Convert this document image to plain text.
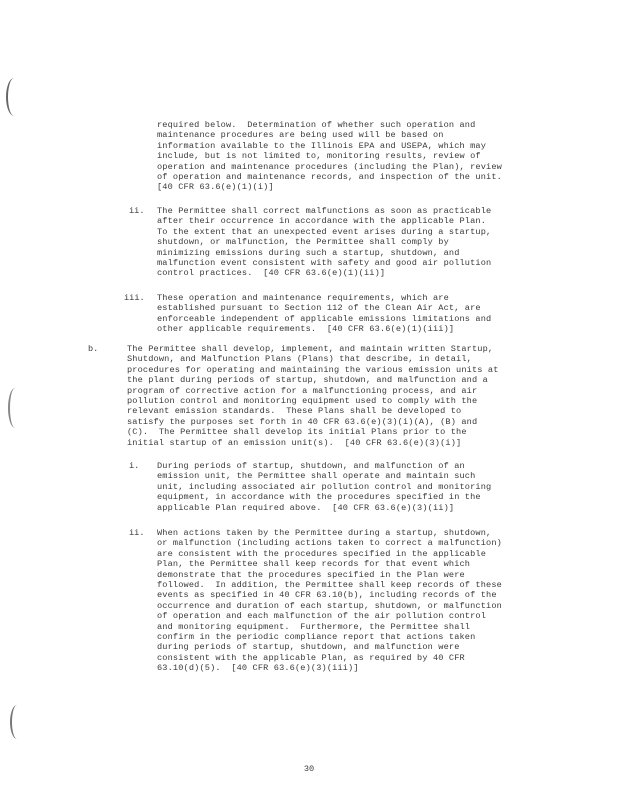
required below.  Determination of whether such operation and
maintenance procedures are being used will be based on
information available to the Illinois EPA and USEPA, which may
include, but is not limited to, monitoring results, review of
operation and maintenance procedures (including the Plan), review
of operation and maintenance records, and inspection of the unit.
[40 CFR 63.6(e)(1)(i)]
ii. The Permittee shall correct malfunctions as soon as practicable
after their occurrence in accordance with the applicable Plan.
To the extent that an unexpected event arises during a startup,
shutdown, or malfunction, the Permittee shall comply by
minimizing emissions during such a startup, shutdown, and
malfunction event consistent with safety and good air pollution
control practices.  [40 CFR 63.6(e)(1)(ii)]
iii. These operation and maintenance requirements, which are
established pursuant to Section 112 of the Clean Air Act, are
enforceable independent of applicable emissions limitations and
other applicable requirements.  [40 CFR 63.6(e)(1)(iii)]
b.	The Permittee shall develop, implement, and maintain written Startup,
Shutdown, and Malfunction Plans (Plans) that describe, in detail,
procedures for operating and maintaining the various emission units at
the plant during periods of startup, shutdown, and malfunction and a
program of corrective action for a malfunctioning process, and air
pollution control and monitoring equipment used to comply with the
relevant emission standards.  These Plans shall be developed to
satisfy the purposes set forth in 40 CFR 63.6(e)(3)(i)(A), (B) and
(C).  The Permittee shall develop its initial Plans prior to the
initial startup of an emission unit(s).  [40 CFR 63.6(e)(3)(i)]
i. During periods of startup, shutdown, and malfunction of an
emission unit, the Permittee shall operate and maintain such
unit, including associated air pollution control and monitoring
equipment, in accordance with the procedures specified in the
applicable Plan required above.  [40 CFR 63.6(e)(3)(ii)]
ii. When actions taken by the Permittee during a startup, shutdown,
or malfunction (including actions taken to correct a malfunction)
are consistent with the procedures specified in the applicable
Plan, the Permittee shall keep records for that event which
demonstrate that the procedures specified in the Plan were
followed.  In addition, the Permittee shall keep records of these
events as specified in 40 CFR 63.10(b), including records of the
occurrence and duration of each startup, shutdown, or malfunction
of operation and each malfunction of the air pollution control
and monitoring equipment.  Furthermore, the Permittee shall
confirm in the periodic compliance report that actions taken
during periods of startup, shutdown, and malfunction were
consistent with the applicable Plan, as required by 40 CFR
63.10(d)(5).  [40 CFR 63.6(e)(3)(iii)]
30
